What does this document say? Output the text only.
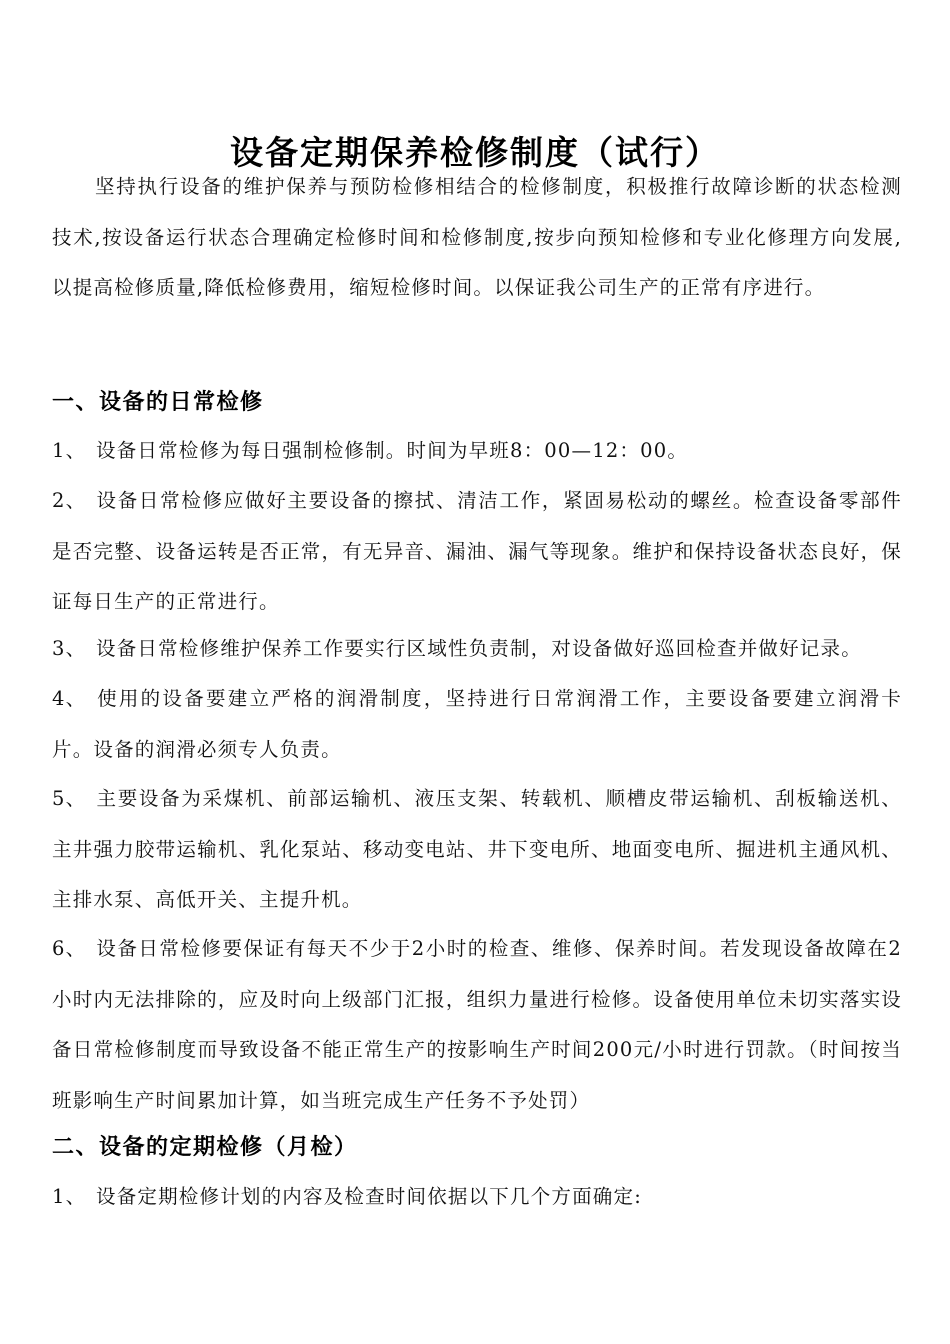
设备定期保养检修制度（试行）

坚持执行设备的维护保养与预防检修相结合的检修制度，积极推行故障诊断的状态检测技术,按设备运行状态合理确定检修时间和检修制度,按步向预知检修和专业化修理方向发展,以提高检修质量,降低检修费用，缩短检修时间。以保证我公司生产的正常有序进行。

一、设备的日常检修

1、 设备日常检修为每日强制检修制。时间为早班8：00—12：00。

2、 设备日常检修应做好主要设备的擦拭、清洁工作，紧固易松动的螺丝。检查设备零部件是否完整、设备运转是否正常，有无异音、漏油、漏气等现象。维护和保持设备状态良好，保证每日生产的正常进行。

3、 设备日常检修维护保养工作要实行区域性负责制，对设备做好巡回检查并做好记录。

4、 使用的设备要建立严格的润滑制度，坚持进行日常润滑工作，主要设备要建立润滑卡片。设备的润滑必须专人负责。

5、 主要设备为采煤机、前部运输机、液压支架、转载机、顺槽皮带运输机、刮板输送机、主井强力胶带运输机、乳化泵站、移动变电站、井下变电所、地面变电所、掘进机主通风机、主排水泵、高低开关、主提升机。

6、 设备日常检修要保证有每天不少于2小时的检查、维修、保养时间。若发现设备故障在2小时内无法排除的，应及时向上级部门汇报，组织力量进行检修。设备使用单位未切实落实设备日常检修制度而导致设备不能正常生产的按影响生产时间200元/小时进行罚款。（时间按当班影响生产时间累加计算，如当班完成生产任务不予处罚）

二、设备的定期检修（月检）

1、 设备定期检修计划的内容及检查时间依据以下几个方面确定:
